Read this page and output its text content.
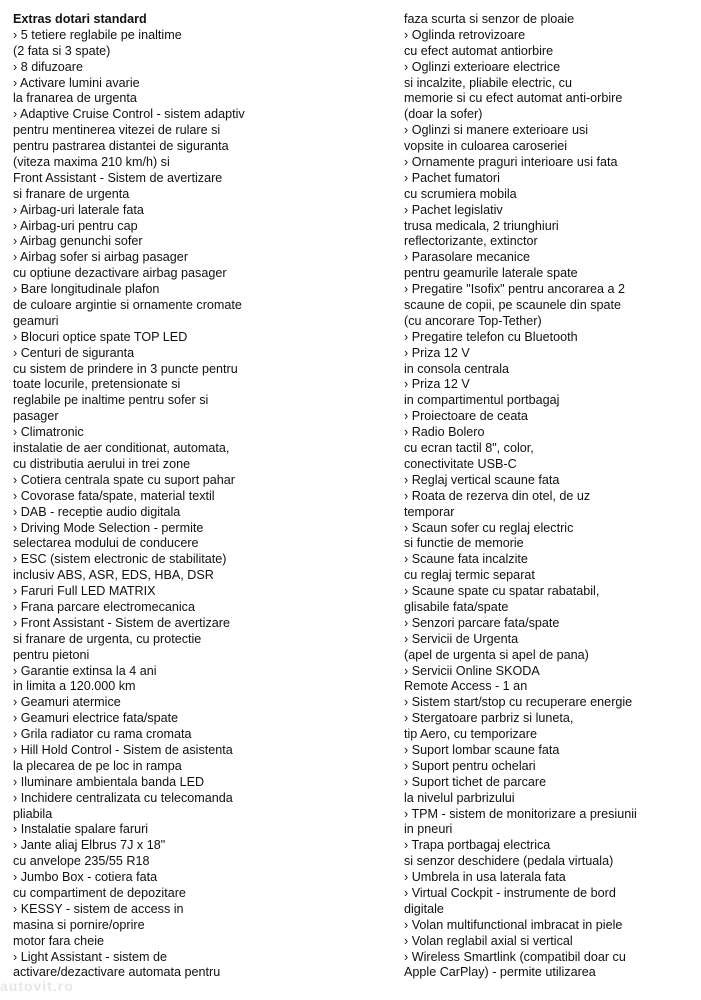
Extras dotari standard
› 5 tetiere reglabile pe inaltime
(2 fata si 3 spate)
› 8 difuzoare
› Activare lumini avarie
la franarea de urgenta
› Adaptive Cruise Control - sistem adaptiv
pentru mentinerea vitezei de rulare si
pentru pastrarea distantei de siguranta
(viteza maxima 210 km/h) si
Front Assistant - Sistem de avertizare
si franare de urgenta
› Airbag-uri laterale fata
› Airbag-uri pentru cap
› Airbag genunchi sofer
› Airbag sofer si airbag pasager
cu optiune dezactivare airbag pasager
› Bare longitudinale plafon
de culoare argintie si ornamente cromate
geamuri
› Blocuri optice spate TOP LED
› Centuri de siguranta
cu sistem de prindere in 3 puncte pentru
toate locurile, pretensionate si
reglabile pe inaltime pentru sofer si
pasager
› Climatronic
instalatie de aer conditionat, automata,
cu distributia aerului in trei zone
› Cotiera centrala spate cu suport pahar
› Covorase fata/spate, material textil
› DAB - receptie audio digitala
› Driving Mode Selection - permite
selectarea modului de conducere
› ESC (sistem electronic de stabilitate)
inclusiv ABS, ASR, EDS, HBA, DSR
› Faruri Full LED MATRIX
› Frana parcare electromecanica
› Front Assistant - Sistem de avertizare
si franare de urgenta, cu protectie
pentru pietoni
› Garantie extinsa la 4 ani
in limita a 120.000 km
› Geamuri atermice
› Geamuri electrice fata/spate
› Grila radiator cu rama cromata
› Hill Hold Control - Sistem de asistenta
la plecarea de pe loc in rampa
› Iluminare ambientala banda LED
› Inchidere centralizata cu telecomanda
pliabila
› Instalatie spalare faruri
› Jante aliaj Elbrus 7J x 18"
cu anvelope 235/55 R18
› Jumbo Box - cotiera fata
cu compartiment de depozitare
› KESSY - sistem de access in
masina si pornire/oprire
motor fara cheie
› Light Assistant - sistem de
activare/dezactivare automata pentru
faza scurta si senzor de ploaie
› Oglinda retrovizoare
cu efect automat antiorbire
› Oglinzi exterioare electrice
si incalzite, pliabile electric, cu
memorie si cu efect automat anti-orbire
(doar la sofer)
› Oglinzi si manere exterioare usi
vopsite in culoarea caroseriei
› Ornamente praguri interioare usi fata
› Pachet fumatori
cu scrumiera mobila
› Pachet legislativ
trusa medicala, 2 triunghiuri
reflectorizante, extinctor
› Parasolare mecanice
pentru geamurile laterale spate
› Pregatire "Isofix" pentru ancorarea a 2
scaune de copii, pe scaunele din spate
(cu ancorare Top-Tether)
› Pregatire telefon cu Bluetooth
› Priza 12 V
in consola centrala
› Priza 12 V
in compartimentul portbagaj
› Proiectoare de ceata
› Radio Bolero
cu ecran tactil 8", color,
conectivitate USB-C
› Reglaj vertical scaune fata
› Roata de rezerva din otel, de uz
temporar
› Scaun sofer cu reglaj electric
si functie de memorie
› Scaune fata incalzite
cu reglaj termic separat
› Scaune spate cu spatar rabatabil,
glisabile fata/spate
› Senzori parcare fata/spate
› Servicii de Urgenta
(apel de urgenta si apel de pana)
› Servicii Online SKODA
Remote Access - 1 an
› Sistem start/stop cu recuperare energie
› Stergatoare parbriz si luneta,
tip Aero, cu temporizare
› Suport lombar scaune fata
› Suport pentru ochelari
› Suport tichet de parcare
la nivelul parbrizului
› TPM - sistem de monitorizare a presiunii
in pneuri
› Trapa portbagaj electrica
si senzor deschidere (pedala virtuala)
› Umbrela in usa laterala fata
› Virtual Cockpit - instrumente de bord
digitale
› Volan multifunctional imbracat in piele
› Volan reglabil axial si vertical
› Wireless Smartlink (compatibil doar cu
Apple CarPlay) - permite utilizarea
autovit.ro
